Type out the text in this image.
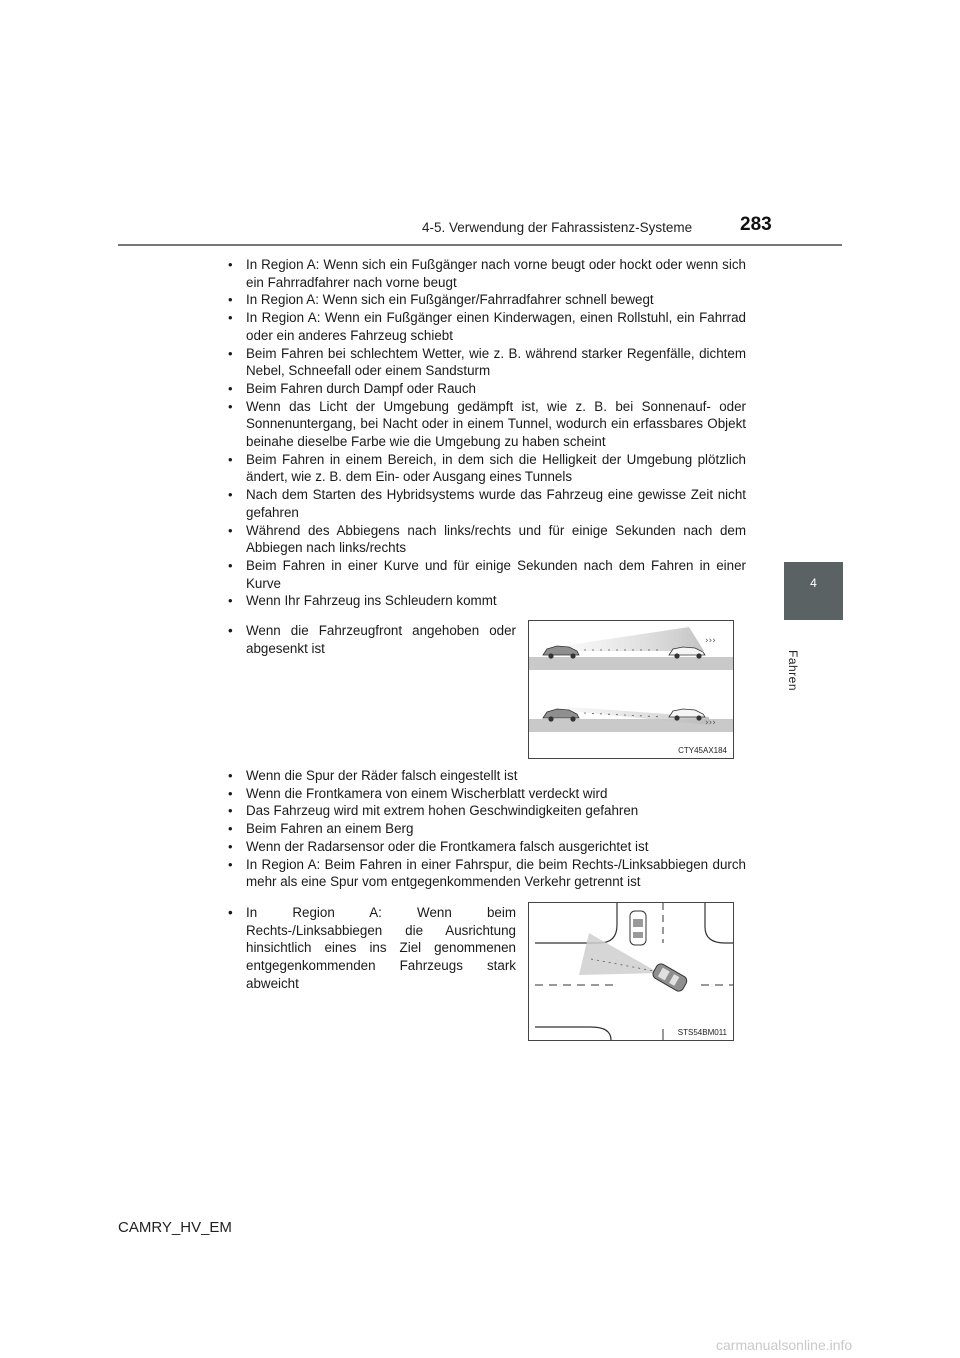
4-5. Verwendung der Fahrassistenz-Systeme	283
4
Fahren
• In Region A: Wenn sich ein Fußgänger nach vorne beugt oder hockt oder wenn sich ein Fahrradfahrer nach vorne beugt
• In Region A: Wenn sich ein Fußgänger/Fahrradfahrer schnell bewegt
• In Region A: Wenn ein Fußgänger einen Kinderwagen, einen Rollstuhl, ein Fahrrad oder ein anderes Fahrzeug schiebt
• Beim Fahren bei schlechtem Wetter, wie z. B. während starker Regenfälle, dichtem Nebel, Schneefall oder einem Sandsturm
• Beim Fahren durch Dampf oder Rauch
• Wenn das Licht der Umgebung gedämpft ist, wie z. B. bei Sonnenauf- oder Sonnenuntergang, bei Nacht oder in einem Tunnel, wodurch ein erfassbares Objekt beinahe dieselbe Farbe wie die Umgebung zu haben scheint
• Beim Fahren in einem Bereich, in dem sich die Helligkeit der Umgebung plötzlich ändert, wie z. B. dem Ein- oder Ausgang eines Tunnels
• Nach dem Starten des Hybridsystems wurde das Fahrzeug eine gewisse Zeit nicht gefahren
• Während des Abbiegens nach links/rechts und für einige Sekunden nach dem Abbiegen nach links/rechts
• Beim Fahren in einer Kurve und für einige Sekunden nach dem Fahren in einer Kurve
• Wenn Ihr Fahrzeug ins Schleudern kommt
• Wenn die Fahrzeugfront angehoben oder abgesenkt ist
• Wenn die Spur der Räder falsch eingestellt ist
• Wenn die Frontkamera von einem Wischerblatt verdeckt wird
• Das Fahrzeug wird mit extrem hohen Geschwindigkeiten gefahren
• Beim Fahren an einem Berg
• Wenn der Radarsensor oder die Frontkamera falsch ausgerichtet ist
• In Region A: Beim Fahren in einer Fahrspur, die beim Rechts-/Linksabbiegen durch mehr als eine Spur vom entgegenkommenden Verkehr getrennt ist
• In Region A: Wenn beim Rechts-/Linksabbiegen die Ausrichtung hinsichtlich eines ins Ziel genommenen entgegenkommenden Fahrzeugs stark abweicht
›››
›››
CTY45AX184
STS54BM011
CAMRY_HV_EM
carmanualsonline.info
